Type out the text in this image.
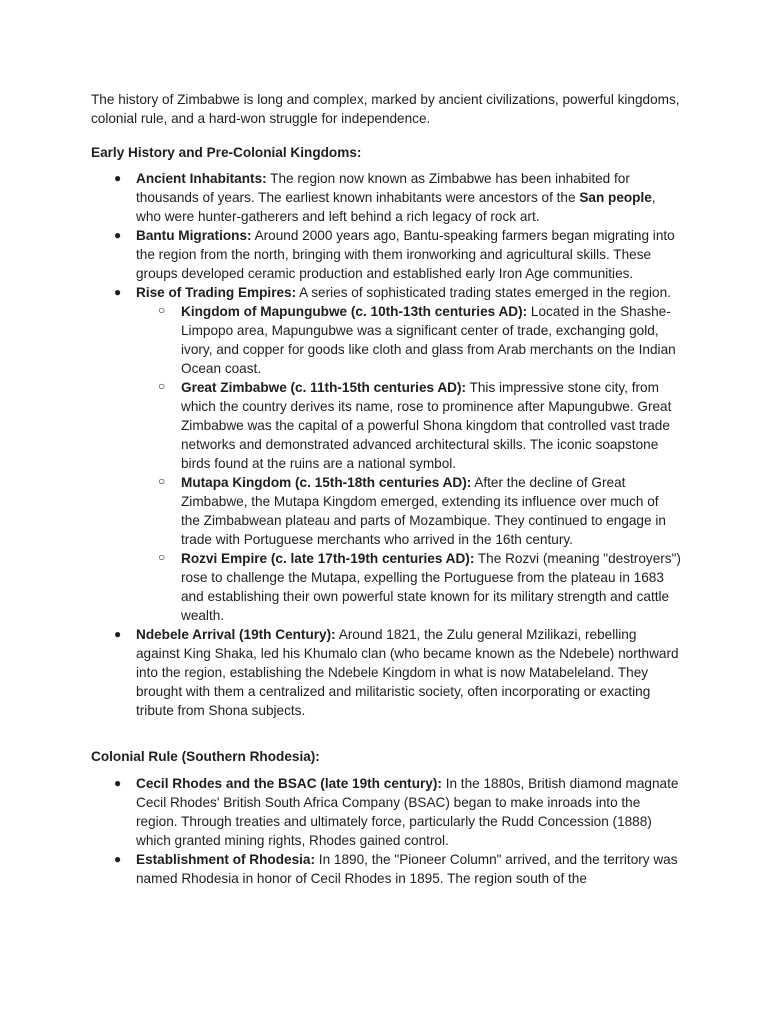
The history of Zimbabwe is long and complex, marked by ancient civilizations, powerful kingdoms, colonial rule, and a hard-won struggle for independence.

Early History and Pre-Colonial Kingdoms:

● Ancient Inhabitants: The region now known as Zimbabwe has been inhabited for thousands of years. The earliest known inhabitants were ancestors of the San people, who were hunter-gatherers and left behind a rich legacy of rock art.
● Bantu Migrations: Around 2000 years ago, Bantu-speaking farmers began migrating into the region from the north, bringing with them ironworking and agricultural skills. These groups developed ceramic production and established early Iron Age communities.
● Rise of Trading Empires: A series of sophisticated trading states emerged in the region.
○ Kingdom of Mapungubwe (c. 10th-13th centuries AD): Located in the Shashe-Limpopo area, Mapungubwe was a significant center of trade, exchanging gold, ivory, and copper for goods like cloth and glass from Arab merchants on the Indian Ocean coast.
○ Great Zimbabwe (c. 11th-15th centuries AD): This impressive stone city, from which the country derives its name, rose to prominence after Mapungubwe. Great Zimbabwe was the capital of a powerful Shona kingdom that controlled vast trade networks and demonstrated advanced architectural skills. The iconic soapstone birds found at the ruins are a national symbol.
○ Mutapa Kingdom (c. 15th-18th centuries AD): After the decline of Great Zimbabwe, the Mutapa Kingdom emerged, extending its influence over much of the Zimbabwean plateau and parts of Mozambique. They continued to engage in trade with Portuguese merchants who arrived in the 16th century.
○ Rozvi Empire (c. late 17th-19th centuries AD): The Rozvi (meaning "destroyers") rose to challenge the Mutapa, expelling the Portuguese from the plateau in 1683 and establishing their own powerful state known for its military strength and cattle wealth.
● Ndebele Arrival (19th Century): Around 1821, the Zulu general Mzilikazi, rebelling against King Shaka, led his Khumalo clan (who became known as the Ndebele) northward into the region, establishing the Ndebele Kingdom in what is now Matabeleland. They brought with them a centralized and militaristic society, often incorporating or exacting tribute from Shona subjects.

Colonial Rule (Southern Rhodesia):

● Cecil Rhodes and the BSAC (late 19th century): In the 1880s, British diamond magnate Cecil Rhodes' British South Africa Company (BSAC) began to make inroads into the region. Through treaties and ultimately force, particularly the Rudd Concession (1888) which granted mining rights, Rhodes gained control.
● Establishment of Rhodesia: In 1890, the "Pioneer Column" arrived, and the territory was named Rhodesia in honor of Cecil Rhodes in 1895. The region south of the
